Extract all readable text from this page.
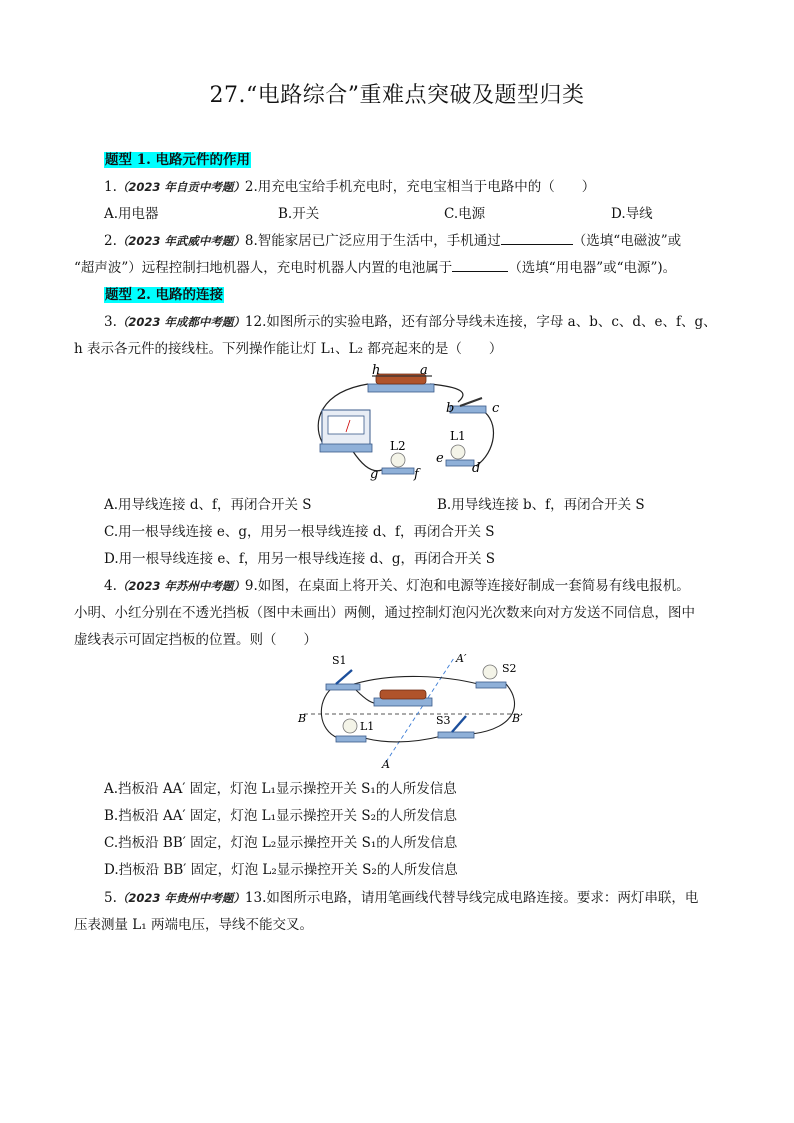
27.“电路综合”重难点突破及题型归类
题型 1. 电路元件的作用
1.（2023 年自贡中考题）2.用充电宝给手机充电时，充电宝相当于电路中的（　　）
A.用电器	B.开关	C.电源	D.导线
2.（2023 年武威中考题）8.智能家居已广泛应用于生活中，手机通过	（选填“电磁波”或
“超声波”）远程控制扫地机器人，充电时机器人内置的电池属于	（选填“用电器”或“电源”)。
题型 2. 电路的连接
3.（2023 年成都中考题）12.如图所示的实验电路，还有部分导线未连接，字母 a、b、c、d、e、f、g、
h 表示各元件的接线柱。下列操作能让灯 L₁、L₂ 都亮起来的是（　　）
h	a
b	c
L1
L2
e
d
g	f
A.用导线连接 d、f，再闭合开关 S	B.用导线连接 b、f，再闭合开关 S
C.用一根导线连接 e、g，用另一根导线连接 d、f，再闭合开关 S
D.用一根导线连接 e、f，用另一根导线连接 d、g，再闭合开关 S
4.（2023 年苏州中考题）9.如图，在桌面上将开关、灯泡和电源等连接好制成一套简易有线电报机。
小明、小红分别在不透光挡板（图中未画出）两侧，通过控制灯泡闪光次数来向对方发送不同信息，图中
虚线表示可固定挡板的位置。则（　　）
S1	A′
S2
B	B′
L1	S3
A
A.挡板沿 AA′ 固定，灯泡 L₁显示操控开关 S₁的人所发信息
B.挡板沿 AA′ 固定，灯泡 L₁显示操控开关 S₂的人所发信息
C.挡板沿 BB′ 固定，灯泡 L₂显示操控开关 S₁的人所发信息
D.挡板沿 BB′ 固定，灯泡 L₂显示操控开关 S₂的人所发信息
5.（2023 年贵州中考题）13.如图所示电路，请用笔画线代替导线完成电路连接。要求：两灯串联，电
压表测量 L₁ 两端电压，导线不能交叉。
